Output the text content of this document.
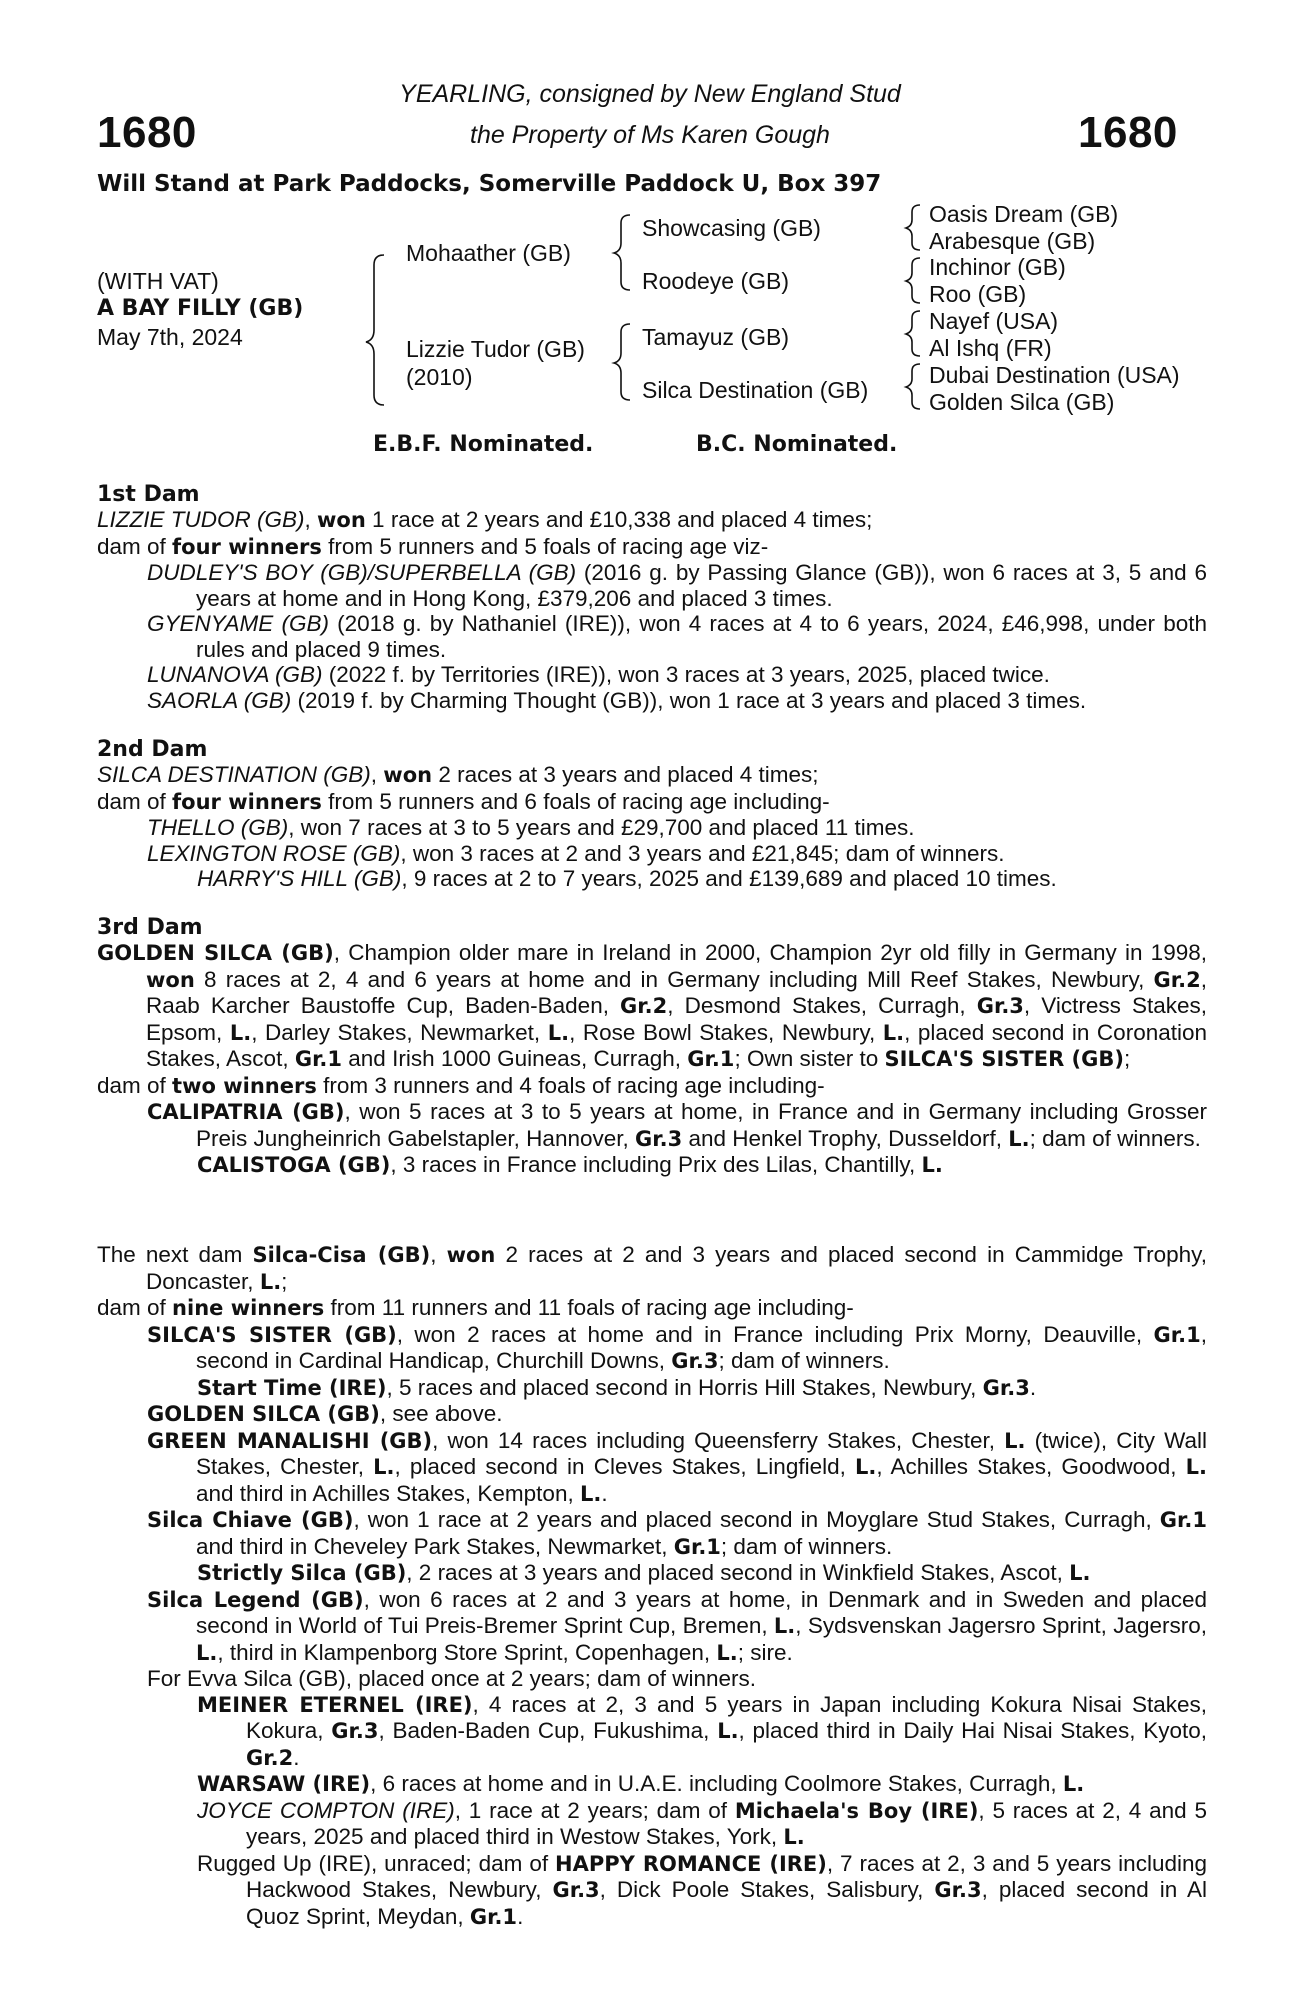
1680	1680
YEARLING, consigned by New England Stud
the Property of Ms Karen Gough
Will Stand at Park Paddocks, Somerville Paddock U, Box 397
(WITH VAT)
A BAY FILLY (GB)
May 7th, 2024
Mohaather (GB)
Lizzie Tudor (GB)
(2010)
Showcasing (GB)
Roodeye (GB)
Tamayuz (GB)
Silca Destination (GB)
Oasis Dream (GB)
Arabesque (GB)
Inchinor (GB)
Roo (GB)
Nayef (USA)
Al Ishq (FR)
Dubai Destination (USA)
Golden Silca (GB)
E.B.F. Nominated.	B.C. Nominated.
1st Dam

LIZZIE TUDOR (GB), won 1 race at 2 years and £10,338 and placed 4 times;

dam of four winners from 5 runners and 5 foals of racing age viz-

DUDLEY'S BOY (GB)/SUPERBELLA (GB) (2016 g. by Passing Glance (GB)), won 6 races at 3, 5 and 6 years at home and in Hong Kong, £379,206 and placed 3 times.

GYENYAME (GB) (2018 g. by Nathaniel (IRE)), won 4 races at 4 to 6 years, 2024, £46,998, under both rules and placed 9 times.

LUNANOVA (GB) (2022 f. by Territories (IRE)), won 3 races at 3 years, 2025, placed twice.

SAORLA (GB) (2019 f. by Charming Thought (GB)), won 1 race at 3 years and placed 3 times.

2nd Dam

SILCA DESTINATION (GB), won 2 races at 3 years and placed 4 times;

dam of four winners from 5 runners and 6 foals of racing age including-

THELLO (GB), won 7 races at 3 to 5 years and £29,700 and placed 11 times.

LEXINGTON ROSE (GB), won 3 races at 2 and 3 years and £21,845; dam of winners.

HARRY'S HILL (GB), 9 races at 2 to 7 years, 2025 and £139,689 and placed 10 times.

3rd Dam

GOLDEN SILCA (GB), Champion older mare in Ireland in 2000, Champion 2yr old filly in Germany in 1998, won 8 races at 2, 4 and 6 years at home and in Germany including Mill Reef Stakes, Newbury, Gr.2, Raab Karcher Baustoffe Cup, Baden-Baden, Gr.2, Desmond Stakes, Curragh, Gr.3, Victress Stakes, Epsom, L., Darley Stakes, Newmarket, L., Rose Bowl Stakes, Newbury, L., placed second in Coronation Stakes, Ascot, Gr.1 and Irish 1000 Guineas, Curragh, Gr.1; Own sister to SILCA'S SISTER (GB);

dam of two winners from 3 runners and 4 foals of racing age including-

CALIPATRIA (GB), won 5 races at 3 to 5 years at home, in France and in Germany including Grosser Preis Jungheinrich Gabelstapler, Hannover, Gr.3 and Henkel Trophy, Dusseldorf, L.; dam of winners.

CALISTOGA (GB), 3 races in France including Prix des Lilas, Chantilly, L.

The next dam Silca-Cisa (GB), won 2 races at 2 and 3 years and placed second in Cammidge Trophy, Doncaster, L.;

dam of nine winners from 11 runners and 11 foals of racing age including-

SILCA'S SISTER (GB), won 2 races at home and in France including Prix Morny, Deauville, Gr.1, second in Cardinal Handicap, Churchill Downs, Gr.3; dam of winners.

Start Time (IRE), 5 races and placed second in Horris Hill Stakes, Newbury, Gr.3.

GOLDEN SILCA (GB), see above.

GREEN MANALISHI (GB), won 14 races including Queensferry Stakes, Chester, L. (twice), City Wall Stakes, Chester, L., placed second in Cleves Stakes, Lingfield, L., Achilles Stakes, Goodwood, L. and third in Achilles Stakes, Kempton, L..

Silca Chiave (GB), won 1 race at 2 years and placed second in Moyglare Stud Stakes, Curragh, Gr.1 and third in Cheveley Park Stakes, Newmarket, Gr.1; dam of winners.

Strictly Silca (GB), 2 races at 3 years and placed second in Winkfield Stakes, Ascot, L.

Silca Legend (GB), won 6 races at 2 and 3 years at home, in Denmark and in Sweden and placed second in World of Tui Preis-Bremer Sprint Cup, Bremen, L., Sydsvenskan Jagersro Sprint, Jagersro, L., third in Klampenborg Store Sprint, Copenhagen, L.; sire.

For Evva Silca (GB), placed once at 2 years; dam of winners.

MEINER ETERNEL (IRE), 4 races at 2, 3 and 5 years in Japan including Kokura Nisai Stakes, Kokura, Gr.3, Baden-Baden Cup, Fukushima, L., placed third in Daily Hai Nisai Stakes, Kyoto, Gr.2.

WARSAW (IRE), 6 races at home and in U.A.E. including Coolmore Stakes, Curragh, L.

JOYCE COMPTON (IRE), 1 race at 2 years; dam of Michaela's Boy (IRE), 5 races at 2, 4 and 5 years, 2025 and placed third in Westow Stakes, York, L.

Rugged Up (IRE), unraced; dam of HAPPY ROMANCE (IRE), 7 races at 2, 3 and 5 years including Hackwood Stakes, Newbury, Gr.3, Dick Poole Stakes, Salisbury, Gr.3, placed second in Al Quoz Sprint, Meydan, Gr.1.
